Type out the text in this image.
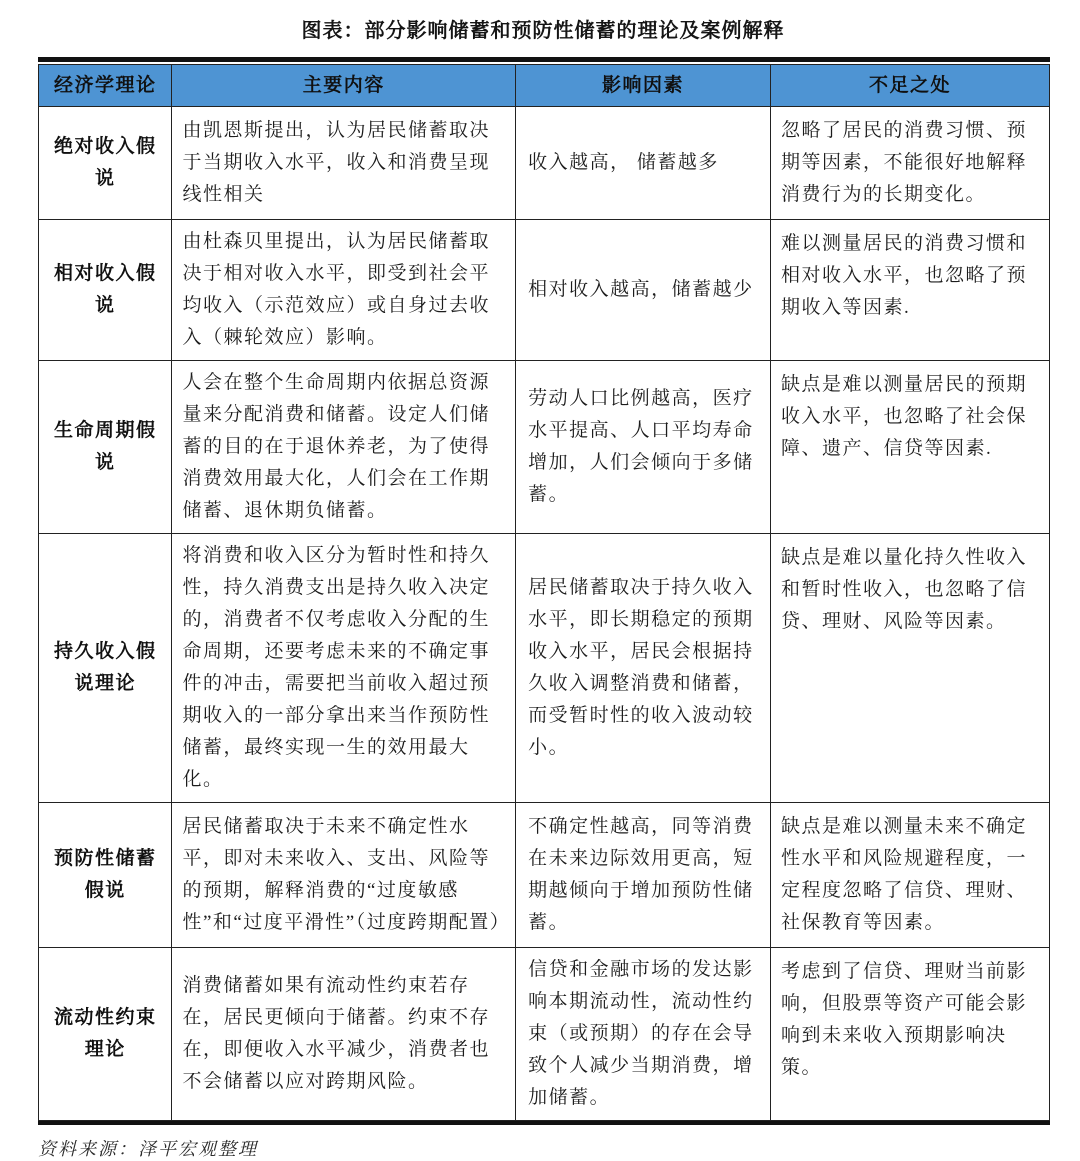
图表：部分影响储蓄和预防性储蓄的理论及案例解释
经济学理论	主要内容	影响因素	不足之处
绝对收入假说	由凯恩斯提出，认为居民储蓄取决于当期收入水平，收入和消费呈现线性相关	收入越高， 储蓄越多	忽略了居民的消费习惯、预期等因素，不能很好地解释消费行为的长期变化。
相对收入假说	由杜森贝里提出，认为居民储蓄取决于相对收入水平，即受到社会平均收入（示范效应）或自身过去收入（棘轮效应）影响。	相对收入越高，储蓄越少	难以测量居民的消费习惯和相对收入水平，也忽略了预期收入等因素.
生命周期假说	人会在整个生命周期内依据总资源量来分配消费和储蓄。设定人们储蓄的目的在于退休养老，为了使得消费效用最大化，人们会在工作期储蓄、退休期负储蓄。	劳动人口比例越高，医疗水平提高、人口平均寿命增加，人们会倾向于多储蓄。	缺点是难以测量居民的预期收入水平，也忽略了社会保障、遗产、信贷等因素.
持久收入假说理论	将消费和收入区分为暂时性和持久性，持久消费支出是持久收入决定的，消费者不仅考虑收入分配的生命周期，还要考虑未来的不确定事件的冲击，需要把当前收入超过预期收入的一部分拿出来当作预防性储蓄，最终实现一生的效用最大化。	居民储蓄取决于持久收入水平，即长期稳定的预期收入水平，居民会根据持久收入调整消费和储蓄，而受暂时性的收入波动较小。	缺点是难以量化持久性收入和暂时性收入，也忽略了信贷、理财、风险等因素。
预防性储蓄假说	居民储蓄取决于未来不确定性水平，即对未来收入、支出、风险等的预期，解释消费的“过度敏感性”和“过度平滑性”（过度跨期配置）	不确定性越高，同等消费在未来边际效用更高，短期越倾向于增加预防性储蓄。	缺点是难以测量未来不确定性水平和风险规避程度，一定程度忽略了信贷、理财、社保教育等因素。
流动性约束理论	消费储蓄如果有流动性约束若存在，居民更倾向于储蓄。约束不存在，即便收入水平减少，消费者也不会储蓄以应对跨期风险。	信贷和金融市场的发达影响本期流动性，流动性约束（或预期）的存在会导致个人减少当期消费，增加储蓄。	考虑到了信贷、理财当前影响，但股票等资产可能会影响到未来收入预期影响决策。
资料来源：泽平宏观整理
